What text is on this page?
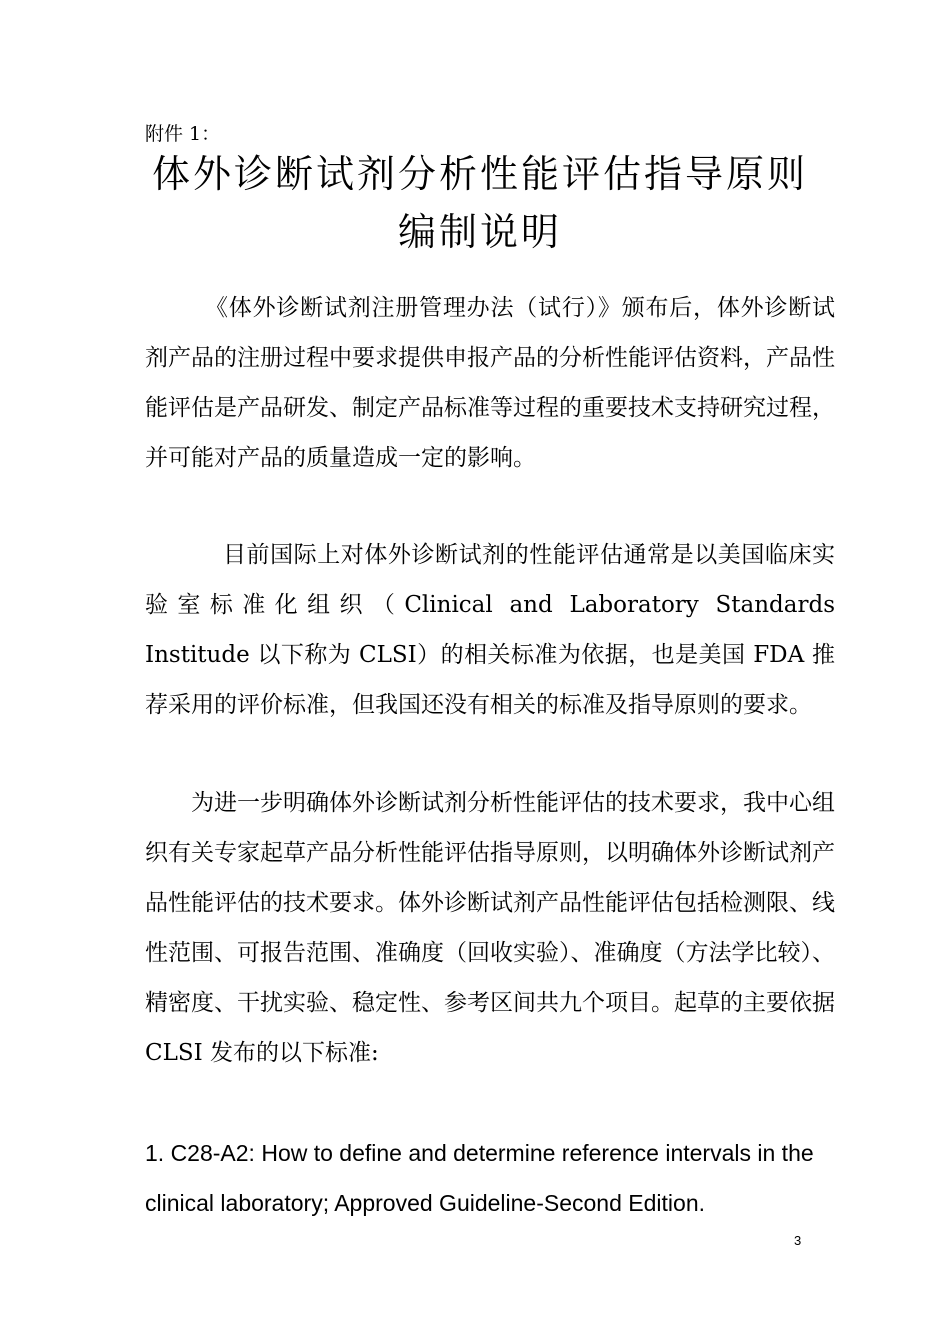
附件 1：
体外诊断试剂分析性能评估指导原则
编制说明

《体外诊断试剂注册管理办法（试行）》颁布后，体外诊断试剂产品的注册过程中要求提供申报产品的分析性能评估资料，产品性能评估是产品研发、制定产品标准等过程的重要技术支持研究过程，并可能对产品的质量造成一定的影响。

目前国际上对体外诊断试剂的性能评估通常是以美国临床实验室标准化组织（Clinical and Laboratory Standards Institude 以下称为 CLSI）的相关标准为依据，也是美国 FDA 推荐采用的评价标准，但我国还没有相关的标准及指导原则的要求。

为进一步明确体外诊断试剂分析性能评估的技术要求，我中心组织有关专家起草产品分析性能评估指导原则，以明确体外诊断试剂产品性能评估的技术要求。体外诊断试剂产品性能评估包括检测限、线性范围、可报告范围、准确度（回收实验）、准确度（方法学比较）、精密度、干扰实验、稳定性、参考区间共九个项目。起草的主要依据 CLSI 发布的以下标准:

1. C28-A2: How to define and determine reference intervals in the clinical laboratory; Approved Guideline-Second Edition.

3
